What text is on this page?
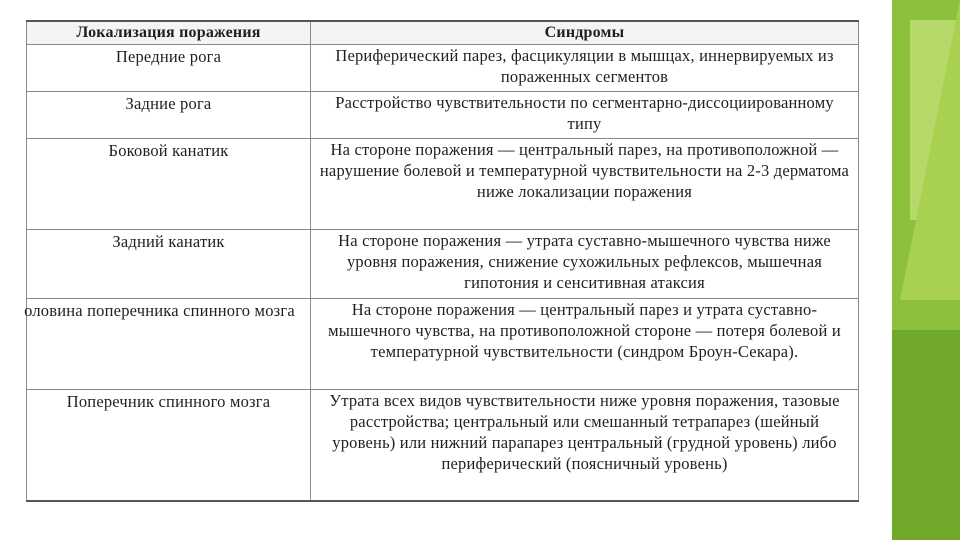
Локализация поражения	Синдромы
Передние рога	Периферический парез, фасцикуляции в мышцах, иннервируемых из пораженных сегментов
Задние рога	Расстройство чувствительности по сегментарно-диссоциированному типу
Боковой канатик	На стороне поражения — центральный парез, на противоположной — нарушение болевой и температурной чувствительности на 2-3 дерматома ниже локализации поражения
Задний канатик	На стороне поражения — утрата суставно-мышечного чувства ниже уровня поражения, снижение сухожильных рефлексов, мышечная гипотония и сенситивная атаксия

оловина поперечника спинного мозга	На стороне поражения — центральный парез и утрата суставно-мышечного чувства, на противоположной стороне — потеря болевой и температурной чувствительности (синдром Броун-Секара).
Поперечник спинного мозга	Утрата всех видов чувствительности ниже уровня поражения, тазовые расстройства; центральный или смешанный тетрапарез (шейный уровень) или нижний парапарез центральный (грудной уровень) либо периферический (поясничный уровень)
